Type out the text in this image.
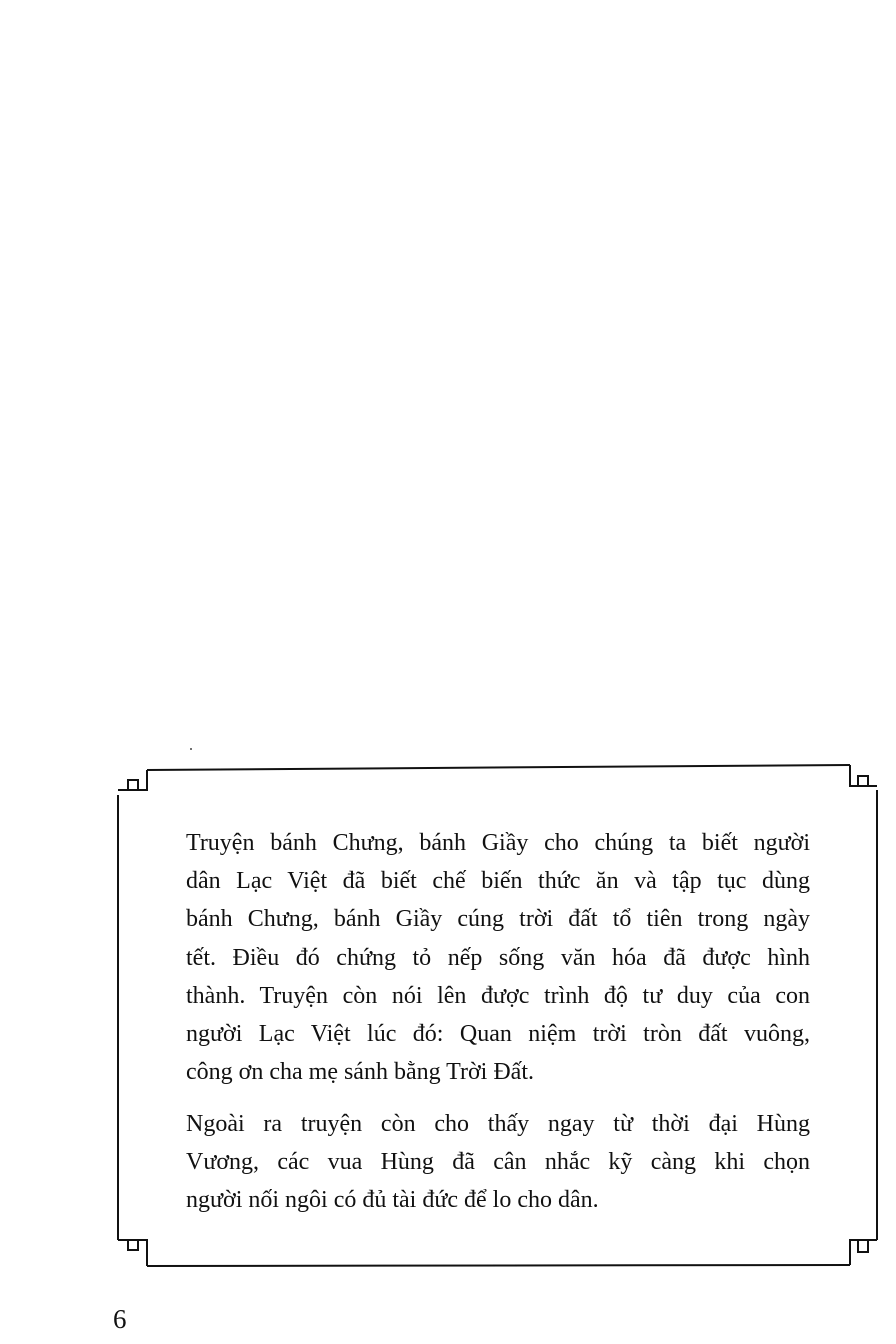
Truyện bánh Chưng, bánh Giầy cho chúng ta biết người
dân Lạc Việt đã biết chế biến thức ăn và tập tục dùng
bánh Chưng, bánh Giầy cúng trời đất tổ tiên trong ngày
tết. Điều đó chứng tỏ nếp sống văn hóa đã được hình
thành. Truyện còn nói lên được trình độ tư duy của con
người Lạc Việt lúc đó: Quan niệm trời tròn đất vuông,
công ơn cha mẹ sánh bằng Trời Đất.
Ngoài ra truyện còn cho thấy ngay từ thời đại Hùng
Vương, các vua Hùng đã cân nhắc kỹ càng khi chọn
người nối ngôi có đủ tài đức để lo cho dân.
6
